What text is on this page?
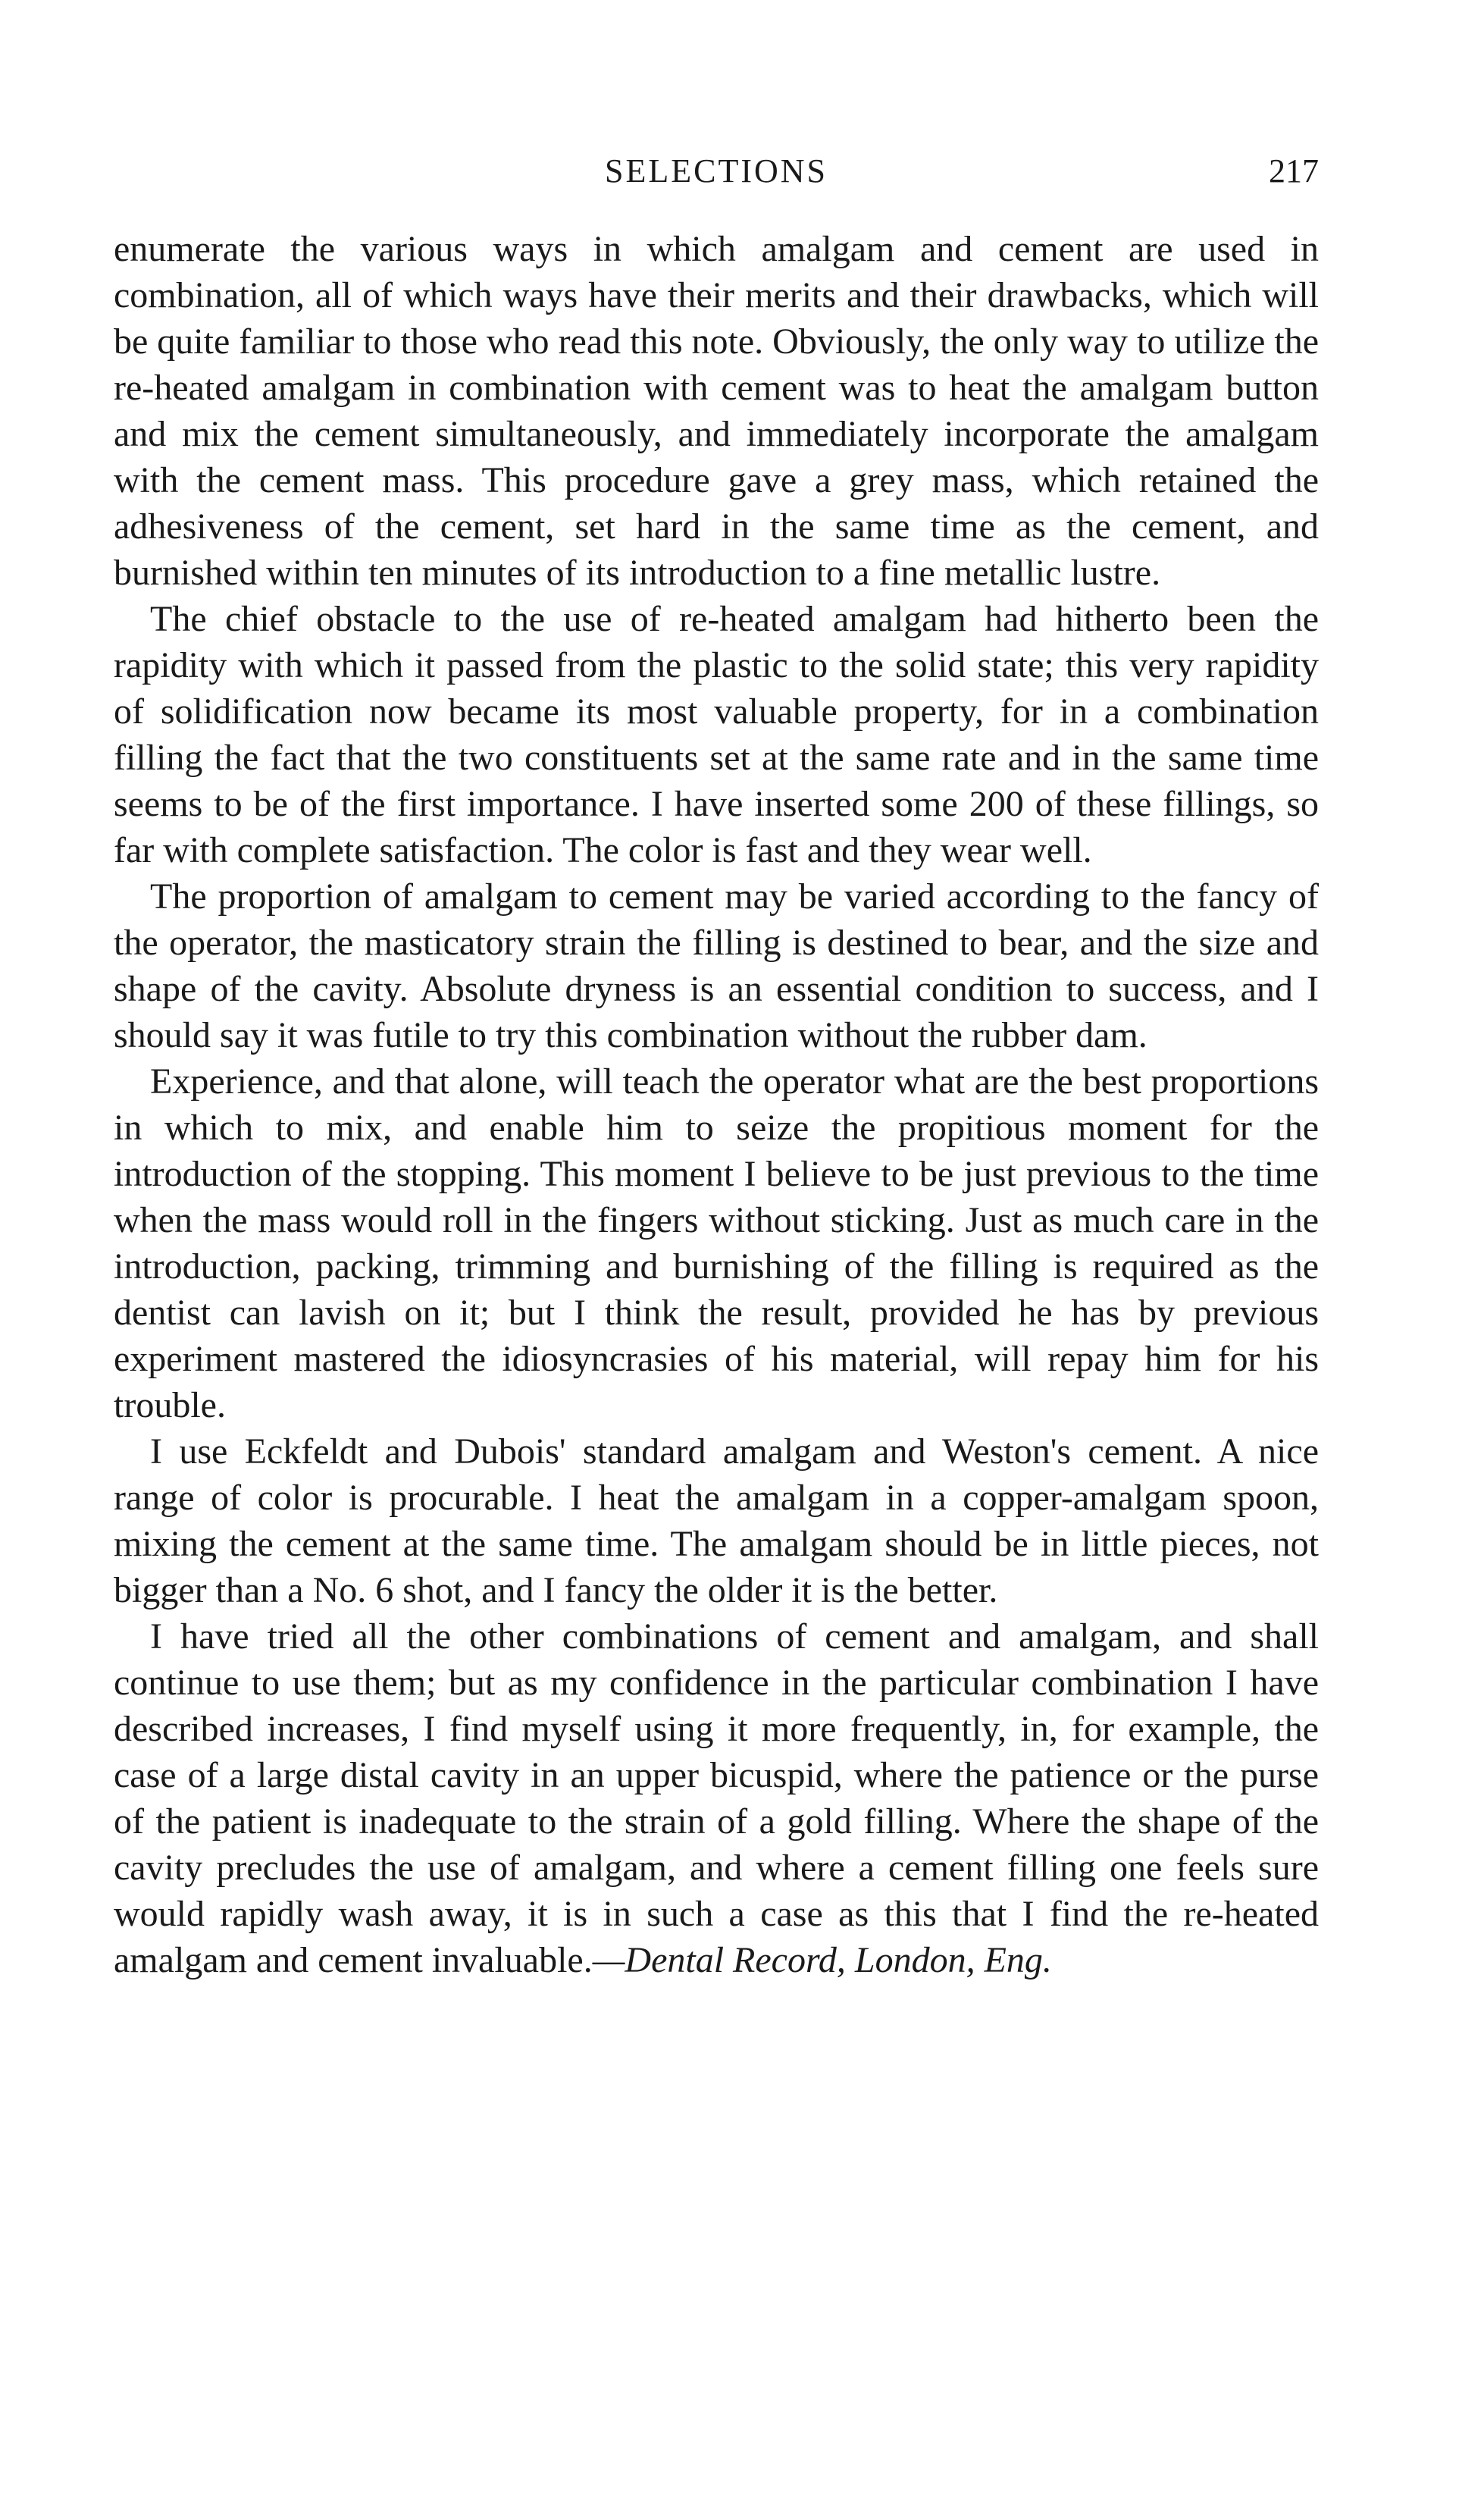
SELECTIONS	217

enumerate the various ways in which amalgam and cement are used in combination, all of which ways have their merits and their drawbacks, which will be quite familiar to those who read this note. Obviously, the only way to utilize the re-heated amalgam in combination with cement was to heat the amalgam button and mix the cement simultaneously, and immediately incorporate the amalgam with the cement mass. This procedure gave a grey mass, which retained the adhesiveness of the cement, set hard in the same time as the cement, and burnished within ten minutes of its introduction to a fine metallic lustre.

The chief obstacle to the use of re-heated amalgam had hitherto been the rapidity with which it passed from the plastic to the solid state; this very rapidity of solidification now became its most valuable property, for in a combination filling the fact that the two constituents set at the same rate and in the same time seems to be of the first importance. I have inserted some 200 of these fillings, so far with complete satisfaction. The color is fast and they wear well.

The proportion of amalgam to cement may be varied according to the fancy of the operator, the masticatory strain the filling is destined to bear, and the size and shape of the cavity. Absolute dryness is an essential condition to success, and I should say it was futile to try this combination without the rubber dam.

Experience, and that alone, will teach the operator what are the best proportions in which to mix, and enable him to seize the propitious moment for the introduction of the stopping. This moment I believe to be just previous to the time when the mass would roll in the fingers without sticking. Just as much care in the introduction, packing, trimming and burnishing of the filling is required as the dentist can lavish on it; but I think the result, provided he has by previous experiment mastered the idiosyncrasies of his material, will repay him for his trouble.

I use Eckfeldt and Dubois' standard amalgam and Weston's cement. A nice range of color is procurable. I heat the amalgam in a copper-amalgam spoon, mixing the cement at the same time. The amalgam should be in little pieces, not bigger than a No. 6 shot, and I fancy the older it is the better.

I have tried all the other combinations of cement and amalgam, and shall continue to use them; but as my confidence in the particular combination I have described increases, I find myself using it more frequently, in, for example, the case of a large distal cavity in an upper bicuspid, where the patience or the purse of the patient is inadequate to the strain of a gold filling. Where the shape of the cavity precludes the use of amalgam, and where a cement filling one feels sure would rapidly wash away, it is in such a case as this that I find the re-heated amalgam and cement invaluable.—Dental Record, London, Eng.
